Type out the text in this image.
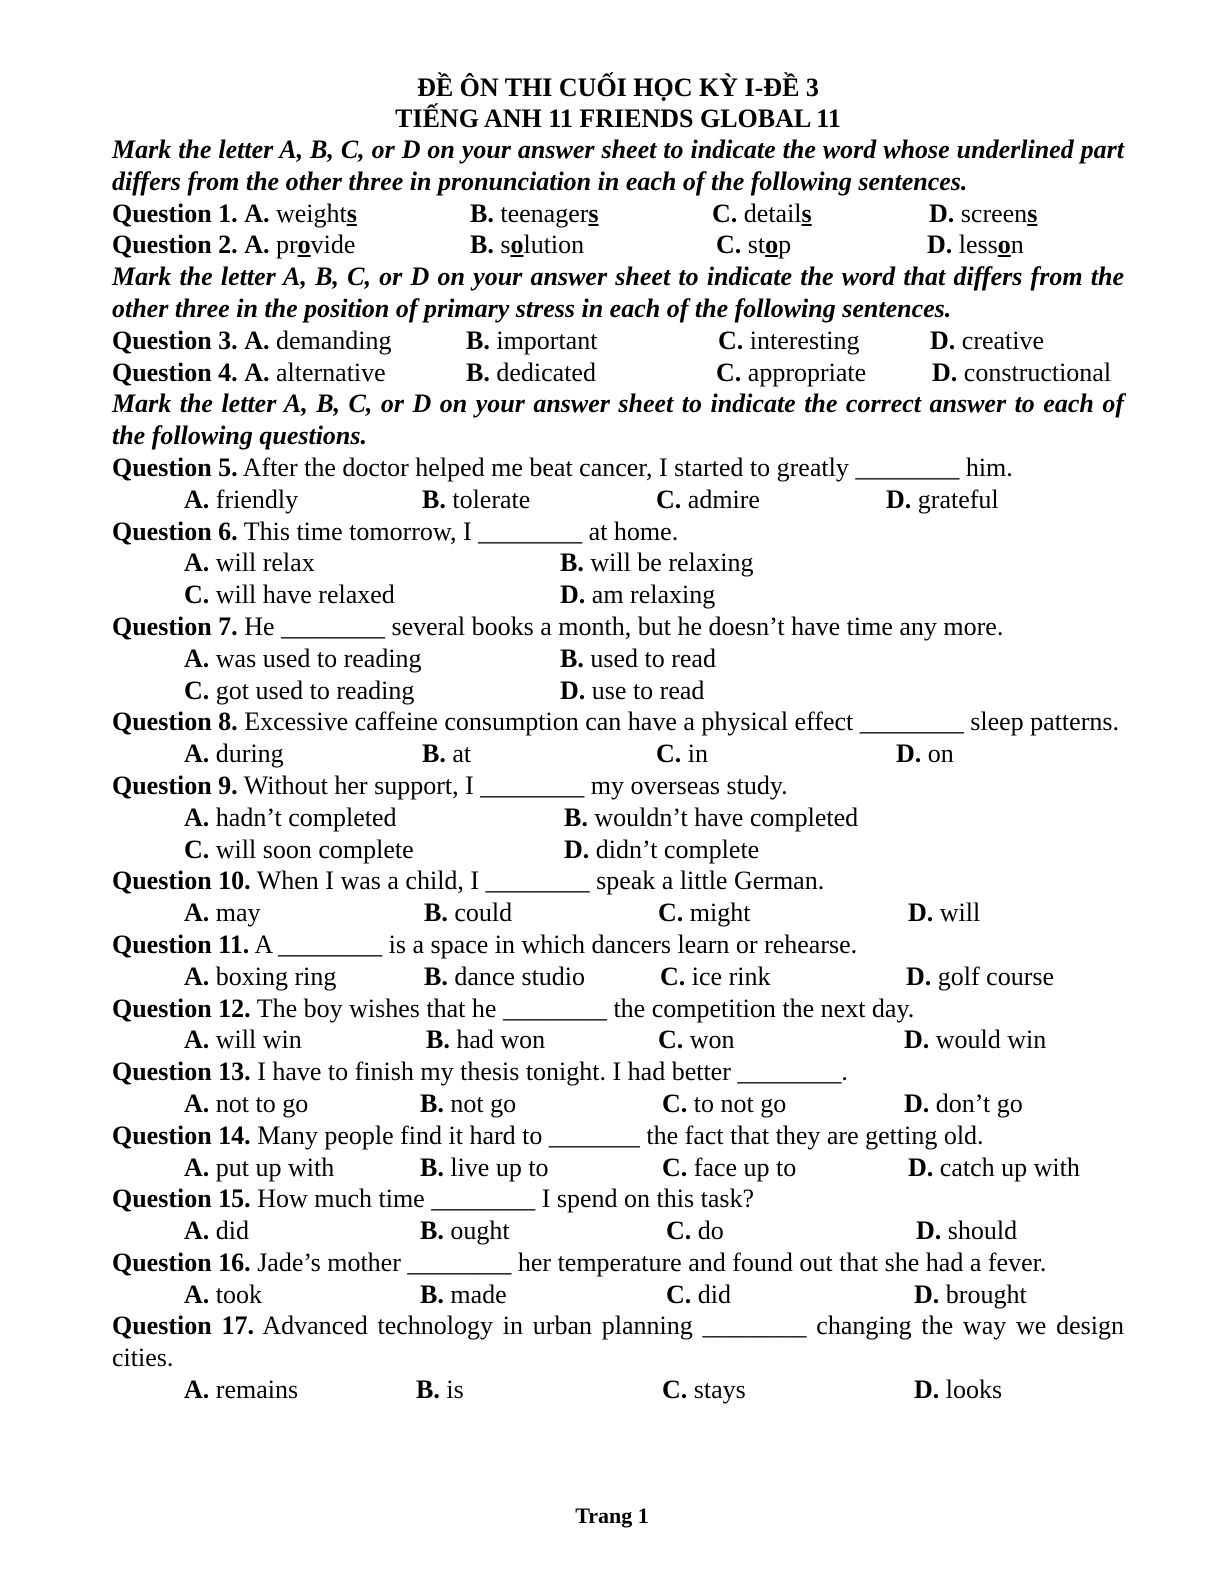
ĐỀ ÔN THI CUỐI HỌC KỲ I-ĐỀ 3
TIẾNG ANH 11 FRIENDS GLOBAL 11
Mark the letter A, B, C, or D on your answer sheet to indicate the word whose underlined part differs from the other three in pronunciation in each of the following sentences.
Question 1. A. weights	B. teenagers	C. details	D. screens
Question 2. A. provide	B. solution	C. stop	D. lesson
Mark the letter A, B, C, or D on your answer sheet to indicate the word that differs from the other three in the position of primary stress in each of the following sentences.
Question 3. A. demanding	B. important	C. interesting	D. creative
Question 4. A. alternative	B. dedicated	C. appropriate	D. constructional
Mark the letter A, B, C, or D on your answer sheet to indicate the correct answer to each of the following questions.
Question 5. After the doctor helped me beat cancer, I started to greatly ________ him.
A. friendly	B. tolerate	C. admire	D. grateful
Question 6. This time tomorrow, I ________ at home.
A. will relax	B. will be relaxing
C. will have relaxed	D. am relaxing
Question 7. He ________ several books a month, but he doesn’t have time any more.
A. was used to reading	B. used to read
C. got used to reading	D. use to read
Question 8. Excessive caffeine consumption can have a physical effect ________ sleep patterns.
A. during	B. at	C. in	D. on
Question 9. Without her support, I ________ my overseas study.
A. hadn’t completed	B. wouldn’t have completed
C. will soon complete	D. didn’t complete
Question 10. When I was a child, I ________ speak a little German.
A. may	B. could	C. might	D. will
Question 11. A ________ is a space in which dancers learn or rehearse.
A. boxing ring	B. dance studio	C. ice rink	D. golf course
Question 12. The boy wishes that he ________ the competition the next day.
A. will win	B. had won	C. won	D. would win
Question 13. I have to finish my thesis tonight. I had better ________.
A. not to go	B. not go	C. to not go	D. don’t go
Question 14. Many people find it hard to _______ the fact that they are getting old.
A. put up with	B. live up to	C. face up to	D. catch up with
Question 15. How much time ________ I spend on this task?
A. did	B. ought	C. do	D. should
Question 16. Jade’s mother ________ her temperature and found out that she had a fever.
A. took	B. made	C. did	D. brought
Question 17. Advanced technology in urban planning ________ changing the way we design cities.
A. remains	B. is	C. stays	D. looks
Trang 1
